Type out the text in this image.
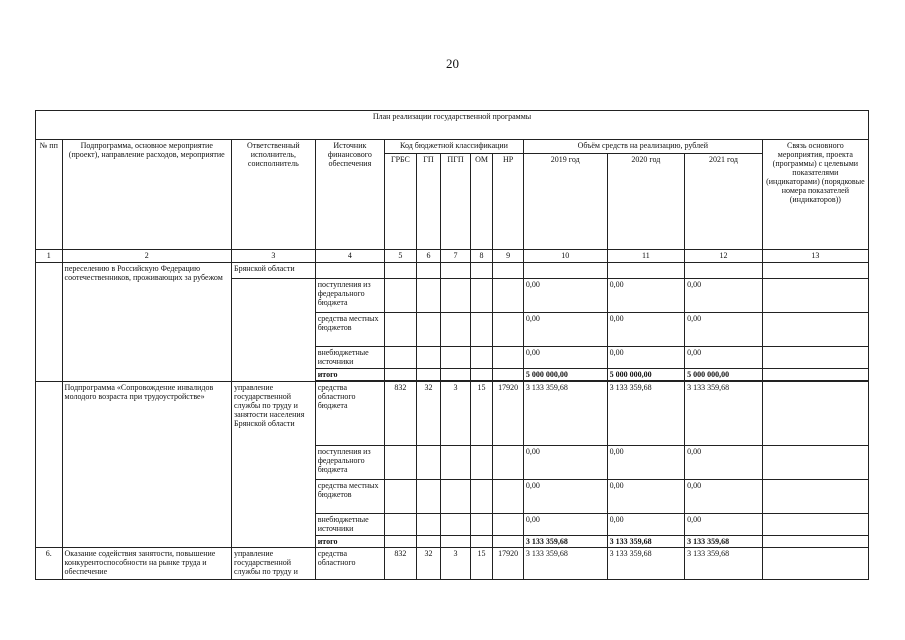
20
План реализации государственной программы												
№ пп	Подпрограмма, основное мероприятие (проект), направление расходов, мероприятие	Ответственный исполнитель, соисполнитель	Источник финансового обеспечения	Код бюджетной классификации					Объём средств на реализацию, рублей			Связь основного мероприятия, проекта (программы) с целевыми показателями (индикаторами) (порядковые номера показателей (индикаторов))
				ГРБС	ГП	ПГП	ОМ	НР	2019 год	2020 год	2021 год	
1	2	3	4	5	6	7	8	9	10	11	12	13
	переселению в Российскую Федерацию соотечественников, проживающих за рубежом	Брянской области										
			поступления из федерального бюджета						0,00	0,00	0,00	
			средства местных бюджетов						0,00	0,00	0,00	
			внебюджетные источники						0,00	0,00	0,00	
			итого						5 000 000,00	5 000 000,00	5 000 000,00	

	Подпрограмма «Сопровождение инвалидов молодого возраста при трудоустройстве»	управление государственной службы по труду и занятости населения Брянской области	средства областного бюджета	832	32	3	15	17920	3 133 359,68	3 133 359,68	3 133 359,68	
			поступления из федерального бюджета						0,00	0,00	0,00	
			средства местных бюджетов						0,00	0,00	0,00	
			внебюджетные источники						0,00	0,00	0,00	
			итого						3 133 359,68	3 133 359,68	3 133 359,68	
6.	Оказание содействия занятости, повышение конкурентоспособности на рынке труда и обеспечение	управление государственной службы по труду и	средства областного	832	32	3	15	17920	3 133 359,68	3 133 359,68	3 133 359,68	
